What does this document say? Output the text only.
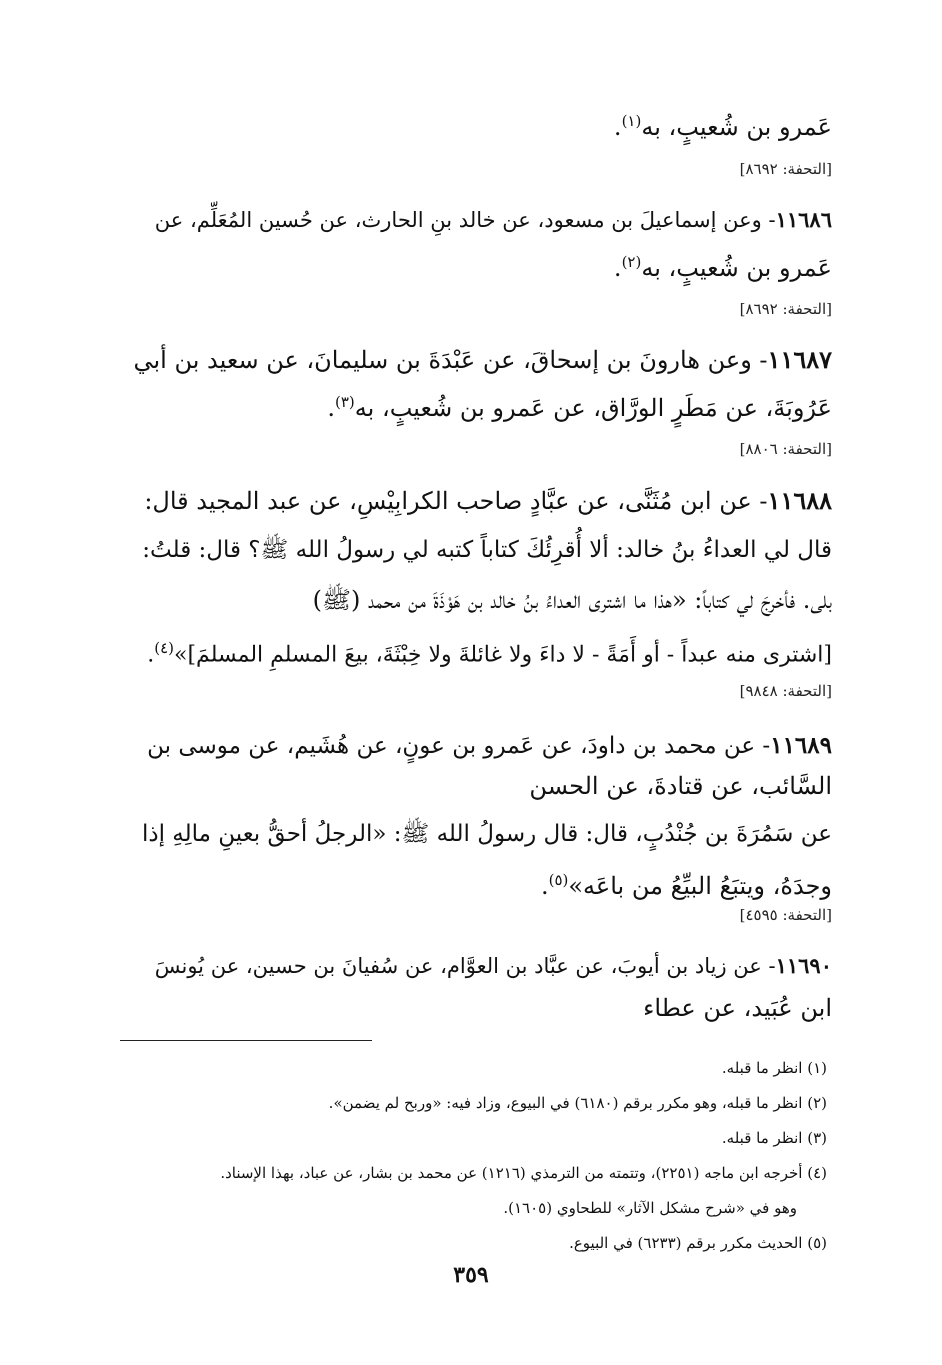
عَمرو بن شُعيبٍ، به$^{(١)}$.
[التحفة: ٨٦٩٢]
١١٦٨٦- وعن إسماعيلَ بن مسعود، عن خالد بنِ الحارث، عن حُسين المُعَلِّم، عن
عَمرو بن شُعيبٍ، به$^{(٢)}$.
[التحفة: ٨٦٩٢]
١١٦٨٧- وعن هارونَ بن إسحاقَ، عن عَبْدَةَ بن سليمانَ، عن سعيد بن أبي
عَرُوبَةَ، عن مَطَرٍ الورَّاق، عن عَمرو بن شُعيبٍ، به$^{(٣)}$.
[التحفة: ٨٨٠٦]
١١٦٨٨- عن ابن مُثَنَّى، عن عبَّادٍ صاحب الكرابِيْسِ، عن عبد المجيد قال:
قال لي العداءُ بنُ خالد: ألا أُقرِئُكَ كتاباً كتبه لي رسولُ الله ﷺ؟ قال: قلتُ:
بلى. فأخرجَ لي كتاباً: «هذا ما اشترى العداءُ بنُ خالد بن هَوْذَةَ من محمد (ﷺ)
[اشترى منه عبداً - أو أَمَةً - لا داءَ ولا غائلةَ ولا خِبْثَةَ، بيعَ المسلمِ المسلمَ]»$^{(٤)}$.
[التحفة: ٩٨٤٨]
١١٦٨٩- عن محمد بن داودَ، عن عَمرو بن عونٍ، عن هُشَيم، عن موسى بن
السَّائب، عن قتادةَ، عن الحسن
عن سَمُرَةَ بن جُنْدُبٍ، قال: قال رسولُ الله ﷺ: «الرجلُ أحقُّ بعينِ مالِهِ إذا
وجدَهُ، ويتبَعُ البيِّعُ من باعَه»$^{(٥)}$.
[التحفة: ٤٥٩٥]
١١٦٩٠- عن زياد بن أيوبَ، عن عبَّاد بن العوَّام، عن سُفيانَ بن حسين، عن يُونسَ
ابن عُبَيد، عن عطاء
(١) انظر ما قبله.
(٢) انظر ما قبله، وهو مكرر برقم (٦١٨٠) في البيوع، وزاد فيه: «وربح لم يضمن».
(٣) انظر ما قبله.
(٤) أخرجه ابن ماجه (٢٢٥١)، وتتمته من الترمذي (١٢١٦) عن محمد بن بشار، عن عباد، بهذا الإسناد.
وهو في «شرح مشكل الآثار» للطحاوي (١٦٠٥).
(٥) الحديث مكرر برقم (٦٢٣٣) في البيوع.
٣٥٩
